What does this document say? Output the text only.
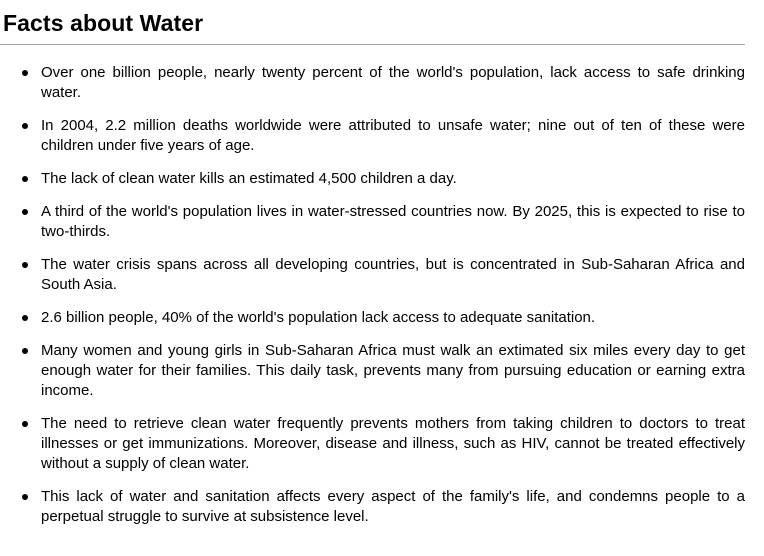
Facts about Water
Over one billion people, nearly twenty percent of the world's population, lack access to safe drinking water.
In 2004, 2.2 million deaths worldwide were attributed to unsafe water; nine out of ten of these were children under five years of age.
The lack of clean water kills an estimated 4,500 children a day.
A third of the world's population lives in water-stressed countries now. By 2025, this is expected to rise to two-thirds.
The water crisis spans across all developing countries, but is concentrated in Sub-Saharan Africa and South Asia.
2.6 billion people, 40% of the world's population lack access to adequate sanitation.
Many women and young girls in Sub-Saharan Africa must walk an extimated six miles every day to get enough water for their families. This daily task, prevents many from pursuing education or earning extra income.
The need to retrieve clean water frequently prevents mothers from taking children to doctors to treat illnesses or get immunizations. Moreover, disease and illness, such as HIV, cannot be treated effectively without a supply of clean water.
This lack of water and sanitation affects every aspect of the family's life, and condemns people to a perpetual struggle to survive at subsistence level.
